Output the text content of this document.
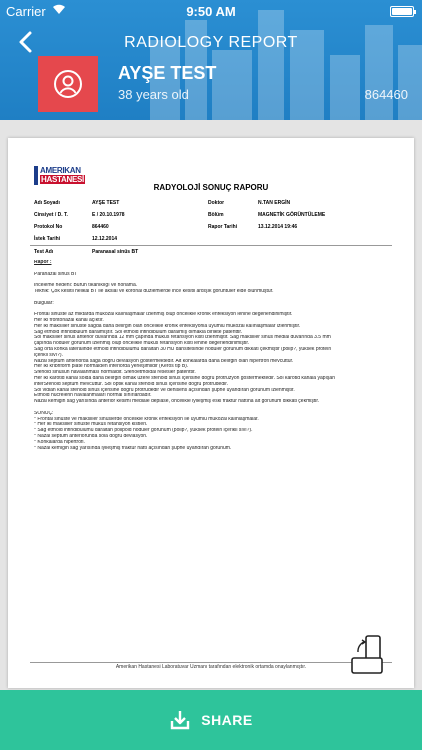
Carrier	9:50 AM
RADIOLOGY REPORT
AYŞE TEST
38 years old	864460
AMERIKAN
HASTANESİ
RADYOLOJİ SONUÇ RAPORU
Adı Soyadı	AYŞE TEST	Doktor	N.TAN ERGİN
Cinsiyet / D. T.	E / 20.10.1978	Bölüm	MAGNETİK GÖRÜNTÜLEME
Protokol No	864460	Rapor Tarihi	13.12.2014 19:46
İstek Tarihi	12.12.2014
Test Adı	Paranasal sinüs BT
Rapor :
Paranazal sinüs BT
İnceleme nedeni: Burun tıkanıklığı ve horlama.
Teknik: Çok kesitli helikal BT ile aksial ve koronal düzlemlerde ince kesitli ardışık görüntüler elde olunmuştur.
Bulgular:
Frontal sinüste az miktarda mukozal kalınlaşmalar izlenmiş olup öncelikle kronik enfeksiyon lehine değerlendirilmiştir.
Her iki frontonazal kanal açıktır.
Her iki maksiller sinüste sağda daha belirgin olan öncelikle kronik enfeksiyonla uyumlu mukozal kalınlaşmalar izlenmiştir.
Sağ etmoid infindibulum daralmıştır. Sol etmoid infindibulum daralmış olmakla birlikte patenttir.
Sol maksiller sinüs anterior duvarında 12 mm çapında mukus retansiyon kisti izlenmiştir. Sağ maksiller sinüs medial duvarında 3.5 mm
çapında nodüler görünüm izlenmiş olup öncelikle mukus retansiyon kisti lehine değerlendirilmiştir.
Sağ orta konka lateralinde etmoid infindibulumu daraltan 30 HU dansitesinde nodüler görünüm dikkati çekmiştir (polip?, yüksek protein
içerikli sıvı?).
Nazal septum anteriorda sağa doğru deviasyon göstermektedir. Alt konkalarda daha belirgin olan hipertrofi mevcuttur.
Her iki kribriform plate normalden inferiorda yerleşimlidir (Keros tip B).
Sfenoid sinüsün havalanması normaldir. Sfenoetmoidal resesler patenttir.
Her iki karotid kanal solda daha belirgin olmak üzere sfenoid sinüs içerisine doğru protrüzyon göstermektedir. Sol karotid kanala yapışan
interSfenoid septum mevcuttur. Sol optik kanal sfenoid sinüs içerisine doğru protrüdedir.
Sol vidian kanal sfenoid sinüs içerisine doğru protrüdedir ve dehisens açısından şüphe uyandıran görünüm izlenmiştir.
Etmoid hücrelerin havalanmaları normal sınırlardadır.
Nazal kemiğin sağ yarısında anterior kesimi mediale deplase, öncelikle iyileşmiş eski fraktür hattına ait görünüm dikkati çekmiştir.
SONUÇ:
* Frontal sinüste ve maksiller sinüslerde öncelikle kronik enfeksiyon ile uyumlu mukozal kalınlaşmalar.
* Her iki maksiller sinüste mukus retansiyon kistleri.
* Sağ etmoid infindibulumu daraltan polipoid nodüler görünüm (polip?, yüksek protein içerikli sıvı?).
* Nazal septum anteriorunda sola doğru deviasyon.
* Konkalarda hipertrofi.
* Nazal kemiğin sağ yarısında iyileşmiş fraktür hattı açısından şüphe uyandıran görünüm.
Amerikan Hastanesi Laboratuvar Uzmanı tarafından elektronik ortamda onaylanmıştır.
SHARE
